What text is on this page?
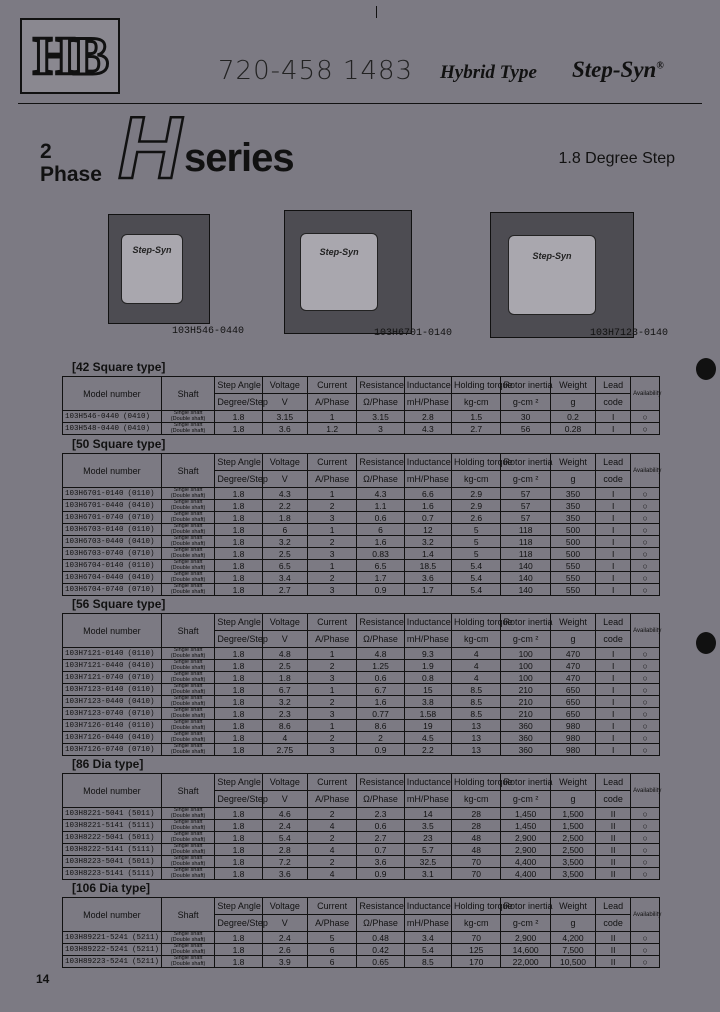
HB	720-458 1483 Hybrid Type Step-Syn®
2
Phase H series	1.8 Degree Step
Step-Syn
103H546-0440
Step-Syn
103H6701-0140
Step-Syn
103H7123-0140
[42 Square type]
Model number	Shaft	Step Angle	Voltage	Current	Resistance	Inductance	Holding torque	Rotor inertia	Weight	Lead	Availability
		Degree/Step	V	A/Phase	Ω/Phase	mH/Phase	kg-cm	g-cm ²	g	code	
103H546-0440 (0410)	Single shaft
(Double shaft)	1.8	3.15	1	3.15	2.8	1.5	30	0.2	I	○
103H548-0440 (0410)	Single shaft
(Double shaft)	1.8	3.6	1.2	3	4.3	2.7	56	0.28	I	○
[50 Square type]
Model number	Shaft	Step Angle	Voltage	Current	Resistance	Inductance	Holding torque	Rotor inertia	Weight	Lead	Availability
		Degree/Step	V	A/Phase	Ω/Phase	mH/Phase	kg-cm	g-cm ²	g	code	
103H6701-0140 (0110)	Single shaft
(Double shaft)	1.8	4.3	1	4.3	6.6	2.9	57	350	I	○
103H6701-0440 (0410)	Single shaft
(Double shaft)	1.8	2.2	2	1.1	1.6	2.9	57	350	I	○
103H6701-0740 (0710)	Single shaft
(Double shaft)	1.8	1.8	3	0.6	0.7	2.6	57	350	I	○
103H6703-0140 (0110)	Single shaft
(Double shaft)	1.8	6	1	6	12	5	118	500	I	○
103H6703-0440 (0410)	Single shaft
(Double shaft)	1.8	3.2	2	1.6	3.2	5	118	500	I	○
103H6703-0740 (0710)	Single shaft
(Double shaft)	1.8	2.5	3	0.83	1.4	5	118	500	I	○
103H6704-0140 (0110)	Single shaft
(Double shaft)	1.8	6.5	1	6.5	18.5	5.4	140	550	I	○
103H6704-0440 (0410)	Single shaft
(Double shaft)	1.8	3.4	2	1.7	3.6	5.4	140	550	I	○
103H6704-0740 (0710)	Single shaft
(Double shaft)	1.8	2.7	3	0.9	1.7	5.4	140	550	I	○
[56 Square type]
Model number	Shaft	Step Angle	Voltage	Current	Resistance	Inductance	Holding torque	Rotor inertia	Weight	Lead	Availability
		Degree/Step	V	A/Phase	Ω/Phase	mH/Phase	kg-cm	g-cm ²	g	code	
103H7121-0140 (0110)	Single shaft
(Double shaft)	1.8	4.8	1	4.8	9.3	4	100	470	I	○
103H7121-0440 (0410)	Single shaft
(Double shaft)	1.8	2.5	2	1.25	1.9	4	100	470	I	○
103H7121-0740 (0710)	Single shaft
(Double shaft)	1.8	1.8	3	0.6	0.8	4	100	470	I	○
103H7123-0140 (0110)	Single shaft
(Double shaft)	1.8	6.7	1	6.7	15	8.5	210	650	I	○
103H7123-0440 (0410)	Single shaft
(Double shaft)	1.8	3.2	2	1.6	3.8	8.5	210	650	I	○
103H7123-0740 (0710)	Single shaft
(Double shaft)	1.8	2.3	3	0.77	1.58	8.5	210	650	I	○
103H7126-0140 (0110)	Single shaft
(Double shaft)	1.8	8.6	1	8.6	19	13	360	980	I	○
103H7126-0440 (0410)	Single shaft
(Double shaft)	1.8	4	2	2	4.5	13	360	980	I	○
103H7126-0740 (0710)	Single shaft
(Double shaft)	1.8	2.75	3	0.9	2.2	13	360	980	I	○
[86 Dia type]
Model number	Shaft	Step Angle	Voltage	Current	Resistance	Inductance	Holding torque	Rotor inertia	Weight	Lead	Availability
		Degree/Step	V	A/Phase	Ω/Phase	mH/Phase	kg-cm	g-cm ²	g	code	
103H8221-5041 (5011)	Single shaft
(Double shaft)	1.8	4.6	2	2.3	14	28	1,450	1,500	II	○
103H8221-5141 (5111)	Single shaft
(Double shaft)	1.8	2.4	4	0.6	3.5	28	1,450	1,500	II	○
103H8222-5041 (5011)	Single shaft
(Double shaft)	1.8	5.4	2	2.7	23	48	2,900	2,500	II	○
103H8222-5141 (5111)	Single shaft
(Double shaft)	1.8	2.8	4	0.7	5.7	48	2,900	2,500	II	○
103H8223-5041 (5011)	Single shaft
(Double shaft)	1.8	7.2	2	3.6	32.5	70	4,400	3,500	II	○
103H8223-5141 (5111)	Single shaft
(Double shaft)	1.8	3.6	4	0.9	3.1	70	4,400	3,500	II	○
[106 Dia type]
Model number	Shaft	Step Angle	Voltage	Current	Resistance	Inductance	Holding torque	Rotor inertia	Weight	Lead	Availability
		Degree/Step	V	A/Phase	Ω/Phase	mH/Phase	kg-cm	g-cm ²	g	code	
103H89221-5241 (5211)	Single shaft
(Double shaft)	1.8	2.4	5	0.48	3.4	70	2,900	4,200	II	○
103H89222-5241 (5211)	Single shaft
(Double shaft)	1.8	2.6	6	0.42	5.4	125	14,600	7,500	II	○
103H89223-5241 (5211)	Single shaft
(Double shaft)	1.8	3.9	6	0.65	8.5	170	22,000	10,500	II	○
14
